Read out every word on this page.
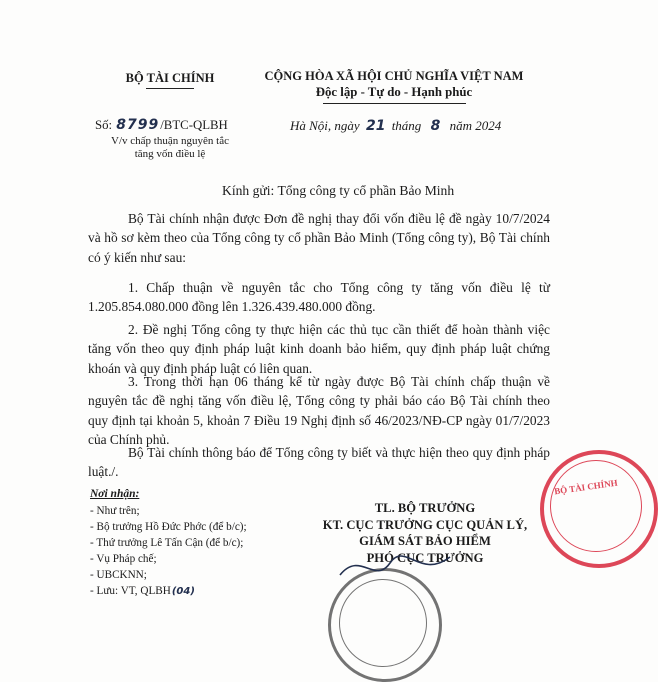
BỘ TÀI CHÍNH	CỘNG HÒA XÃ HỘI CHỦ NGHĨA VIỆT NAM
Độc lập - Tự do - Hạnh phúc
Số: 8799/BTC-QLBH
V/v chấp thuận nguyên tắc
tăng vốn điều lệ
Hà Nội, ngày 21 tháng 8 năm 2024
Kính gửi: Tổng công ty cổ phần Bảo Minh
Bộ Tài chính nhận được Đơn đề nghị thay đổi vốn điều lệ đề ngày 10/7/2024 và hồ sơ kèm theo của Tổng công ty cổ phần Bảo Minh (Tổng công ty), Bộ Tài chính có ý kiến như sau:
1. Chấp thuận về nguyên tắc cho Tổng công ty tăng vốn điều lệ từ 1.205.854.080.000 đồng lên 1.326.439.480.000 đồng.
2. Đề nghị Tổng công ty thực hiện các thủ tục cần thiết để hoàn thành việc tăng vốn theo quy định pháp luật kinh doanh bảo hiểm, quy định pháp luật chứng khoán và quy định pháp luật có liên quan.
3. Trong thời hạn 06 tháng kể từ ngày được Bộ Tài chính chấp thuận về nguyên tắc đề nghị tăng vốn điều lệ, Tổng công ty phải báo cáo Bộ Tài chính theo quy định tại khoản 5, khoản 7 Điều 19 Nghị định số 46/2023/NĐ-CP ngày 01/7/2023 của Chính phủ.
Bộ Tài chính thông báo để Tổng công ty biết và thực hiện theo quy định pháp luật./.
Nơi nhận:
- Như trên;
- Bộ trưởng Hồ Đức Phớc (để b/c);
- Thứ trưởng Lê Tấn Cận (để b/c);
- Vụ Pháp chế;
- UBCKNN;
- Lưu: VT, QLBH(04)
BỘ TÀI CHÍNH
TL. BỘ TRƯỞNG
KT. CỤC TRƯỞNG CỤC QUẢN LÝ,
GIÁM SÁT BẢO HIỂM
PHÓ CỤC TRƯỞNG
